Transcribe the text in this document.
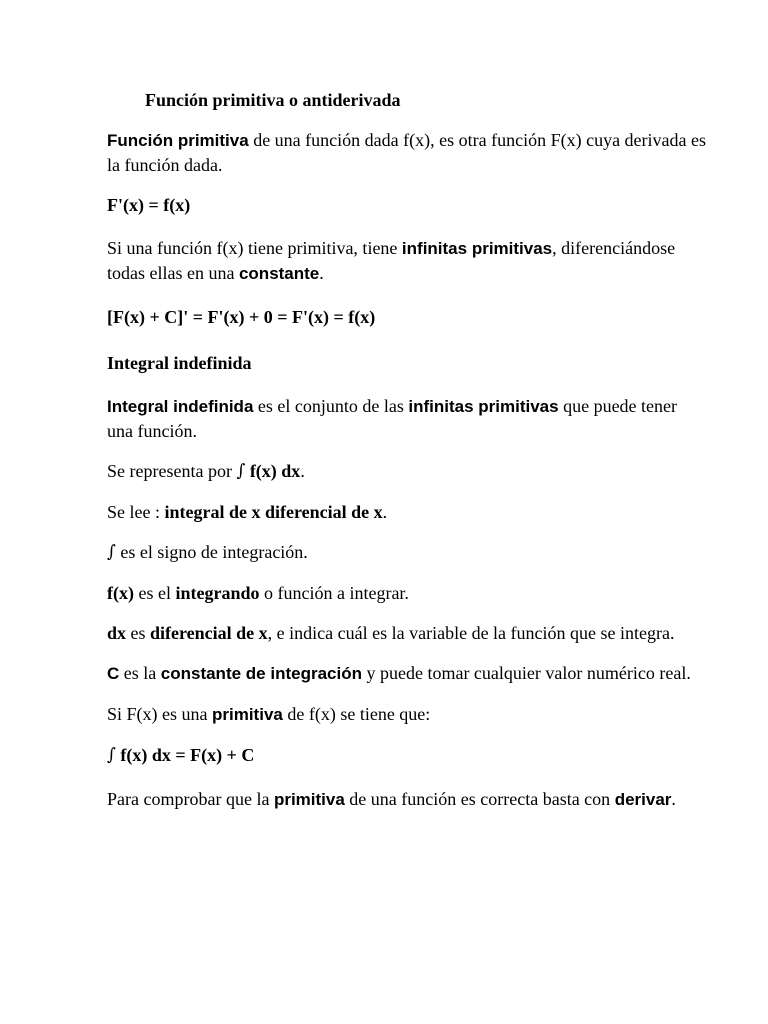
Función primitiva o antiderivada
Función primitiva de una función dada f(x), es otra función F(x) cuya derivada es la función dada.
F'(x) = f(x)
Si una función f(x) tiene primitiva, tiene infinitas primitivas, diferenciándose todas ellas en una constante.
[F(x) + C]' = F'(x) + 0 = F'(x) = f(x)
Integral indefinida
Integral indefinida es el conjunto de las infinitas primitivas que puede tener una función.
Se representa por ∫ f(x) dx.
Se lee : integral de x diferencial de x.
∫ es el signo de integración.
f(x) es el integrando o función a integrar.
dx es diferencial de x, e indica cuál es la variable de la función que se integra.
C es la constante de integración y puede tomar cualquier valor numérico real.
Si F(x) es una primitiva de f(x) se tiene que:
∫ f(x) dx = F(x) + C
Para comprobar que la primitiva de una función es correcta basta con derivar.
